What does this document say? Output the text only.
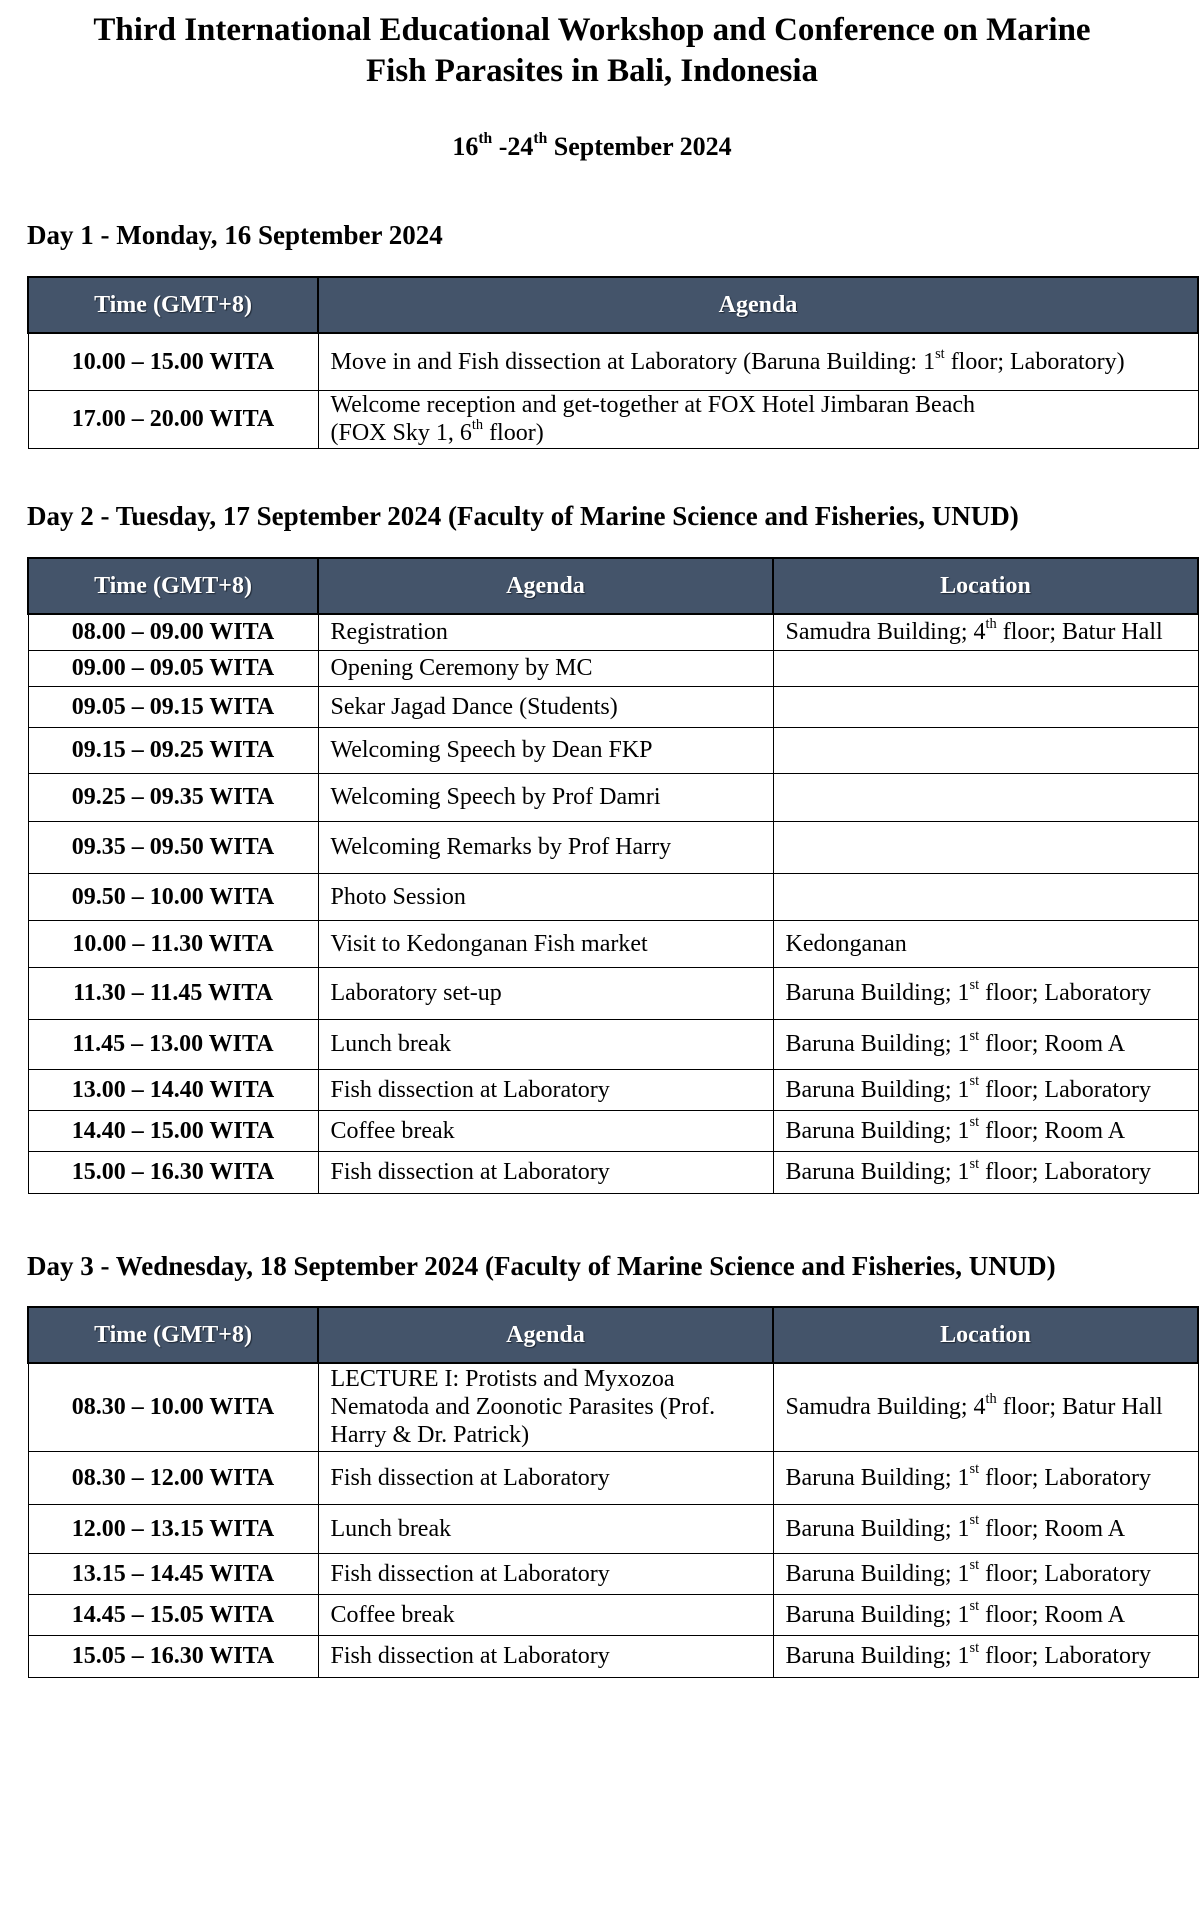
Third International Educational Workshop and Conference on Marine
Fish Parasites in Bali, Indonesia
16th -24th September 2024
Day 1 - Monday, 16 September 2024
Time (GMT+8)	Agenda
10.00 – 15.00 WITA	Move in and Fish dissection at Laboratory (Baruna Building: 1st floor; Laboratory)
17.00 – 20.00 WITA	Welcome reception and get-together at FOX Hotel Jimbaran Beach
(FOX Sky 1, 6th floor)
Day 2 - Tuesday, 17 September 2024 (Faculty of Marine Science and Fisheries, UNUD)
Time (GMT+8)	Agenda	Location
08.00 – 09.00 WITA	Registration	Samudra Building; 4th floor; Batur Hall
09.00 – 09.05 WITA	Opening Ceremony by MC	
09.05 – 09.15 WITA	Sekar Jagad Dance (Students)	
09.15 – 09.25 WITA	Welcoming Speech by Dean FKP	
09.25 – 09.35 WITA	Welcoming Speech by Prof Damri	
09.35 – 09.50 WITA	Welcoming Remarks by Prof Harry	
09.50 – 10.00 WITA	Photo Session	
10.00 – 11.30 WITA	Visit to Kedonganan Fish market	Kedonganan
11.30 – 11.45 WITA	Laboratory set-up	Baruna Building; 1st floor; Laboratory
11.45 – 13.00 WITA	Lunch break	Baruna Building; 1st floor; Room A
13.00 – 14.40 WITA	Fish dissection at Laboratory	Baruna Building; 1st floor; Laboratory
14.40 – 15.00 WITA	Coffee break	Baruna Building; 1st floor; Room A
15.00 – 16.30 WITA	Fish dissection at Laboratory	Baruna Building; 1st floor; Laboratory
Day 3 - Wednesday, 18 September 2024 (Faculty of Marine Science and Fisheries, UNUD)
Time (GMT+8)	Agenda	Location
08.30 – 10.00 WITA	LECTURE I: Protists and Myxozoa
Nematoda and Zoonotic Parasites (Prof.
Harry & Dr. Patrick)	Samudra Building; 4th floor; Batur Hall
08.30 – 12.00 WITA	Fish dissection at Laboratory	Baruna Building; 1st floor; Laboratory
12.00 – 13.15 WITA	Lunch break	Baruna Building; 1st floor; Room A
13.15 – 14.45 WITA	Fish dissection at Laboratory	Baruna Building; 1st floor; Laboratory
14.45 – 15.05 WITA	Coffee break	Baruna Building; 1st floor; Room A
15.05 – 16.30 WITA	Fish dissection at Laboratory	Baruna Building; 1st floor; Laboratory
